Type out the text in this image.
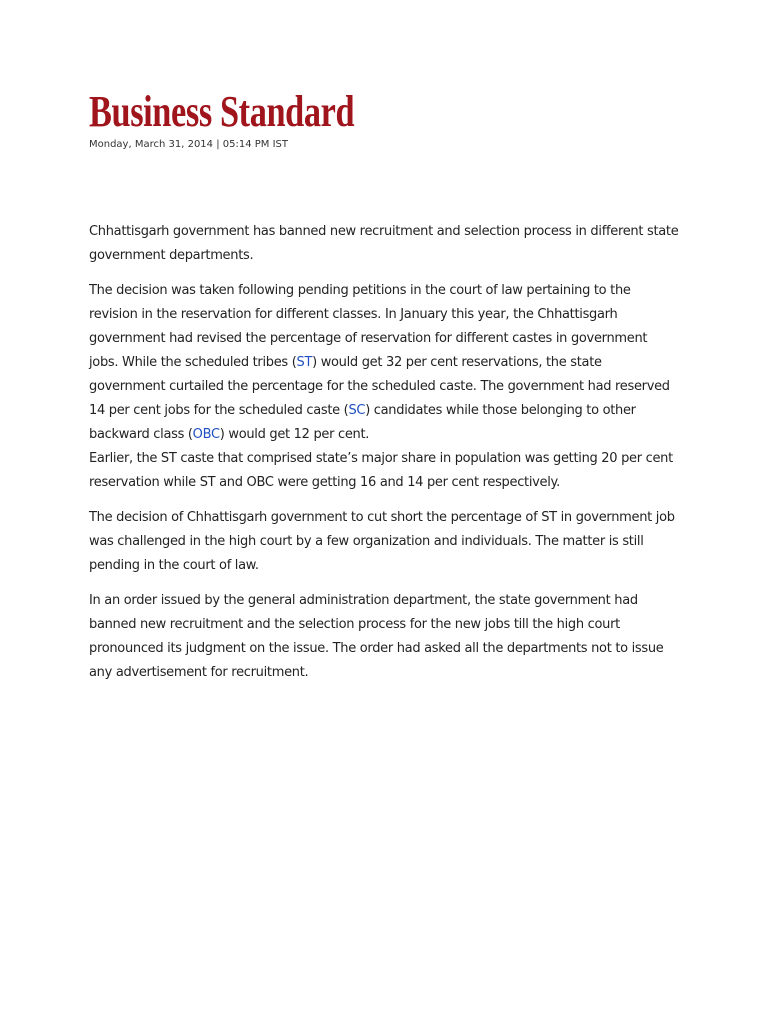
Business Standard
Monday, March 31, 2014 | 05:14 PM IST

Chhattisgarh government has banned new recruitment and selection process in different state government departments.

The decision was taken following pending petitions in the court of law pertaining to the revision in the reservation for different classes. In January this year, the Chhattisgarh government had revised the percentage of reservation for different castes in government jobs. While the scheduled tribes (ST) would get 32 per cent reservations, the state government curtailed the percentage for the scheduled caste. The government had reserved 14 per cent jobs for the scheduled caste (SC) candidates while those belonging to other backward class (OBC) would get 12 per cent.

Earlier, the ST caste that comprised state’s major share in population was getting 20 per cent reservation while ST and OBC were getting 16 and 14 per cent respectively.

The decision of Chhattisgarh government to cut short the percentage of ST in government job was challenged in the high court by a few organization and individuals. The matter is still pending in the court of law.

In an order issued by the general administration department, the state government had banned new recruitment and the selection process for the new jobs till the high court pronounced its judgment on the issue. The order had asked all the departments not to issue any advertisement for recruitment.
